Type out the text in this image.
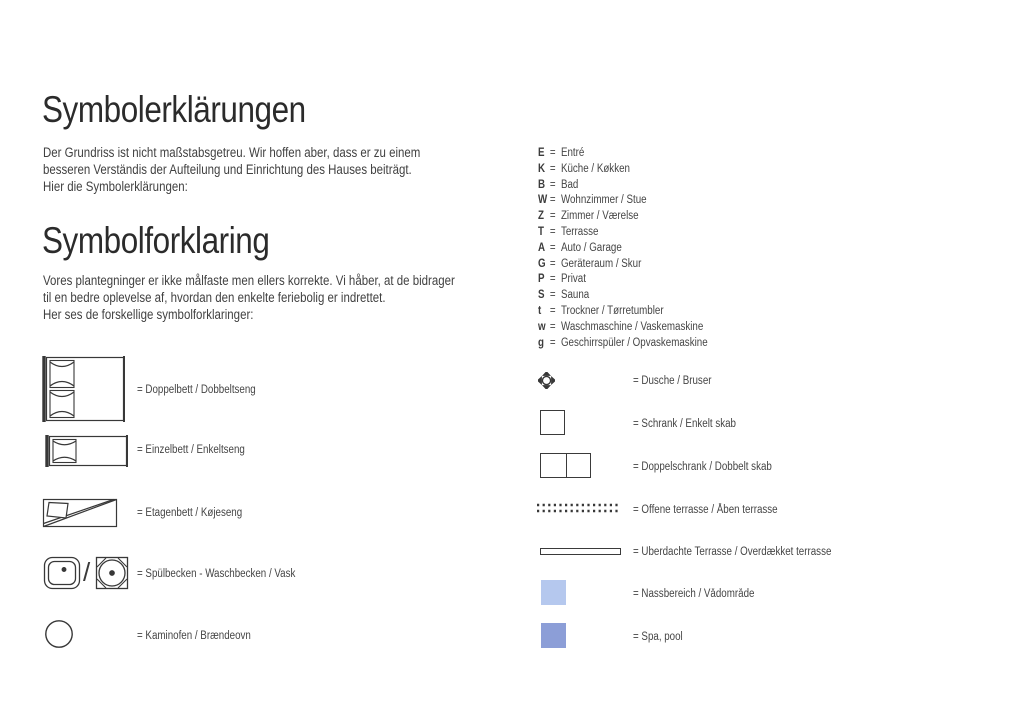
Symbolerklärungen
Der Grundriss ist nicht maßstabsgetreu. Wir hoffen aber, dass er zu einem
besseren Verständis der Aufteilung und Einrichtung des Hauses beiträgt.
Hier die Symbolerklärungen:
Symbolforklaring
Vores plantegninger er ikke målfaste men ellers korrekte. Vi håber, at de bidrager
til en bedre oplevelse af, hvordan den enkelte feriebolig er indrettet.
Her ses de forskellige symbolforklaringer:
= Doppelbett / Dobbeltseng
= Einzelbett / Enkeltseng
= Etagenbett / Køjeseng
/	= Spülbecken - Waschbecken / Vask
= Kaminofen / Brændeovn
E = Entré
K = Küche / Køkken
B = Bad
W = Wohnzimmer / Stue
Z = Zimmer / Værelse
T = Terrasse
A = Auto / Garage
G = Geräteraum / Skur
P = Privat
S = Sauna
t = Trockner / Tørretumbler
w = Waschmaschine / Vaskemaskine
g = Geschirrspüler / Opvaskemaskine
= Dusche / Bruser
= Schrank / Enkelt skab
= Doppelschrank / Dobbelt skab
= Offene terrasse / Åben terrasse
= Überdachte Terrasse / Overdækket terrasse
= Nassbereich / Vådområde
= Spa, pool
